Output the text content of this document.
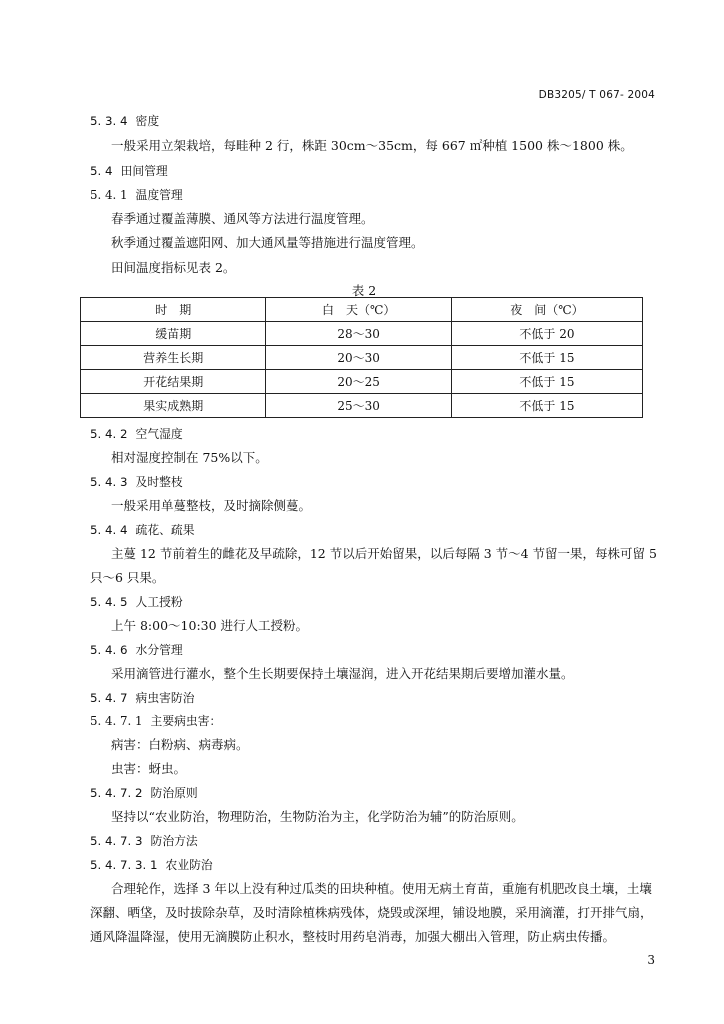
DB3205/ T 067- 2004
5. 3. 4 密度
一般采用立架栽培，每畦种 2 行，株距 30cm～35cm，每 667 ㎡种植 1500 株～1800 株。
5. 4 田间管理
5. 4. 1 温度管理
春季通过覆盖薄膜、通风等方法进行温度管理。
秋季通过覆盖遮阳网、加大通风量等措施进行温度管理。
田间温度指标见表 2。
表 2
时　期	白　天（℃）	夜　间（℃）
缓苗期	28～30	不低于 20
营养生长期	20～30	不低于 15
开花结果期	20～25	不低于 15
果实成熟期	25～30	不低于 15
5. 4. 2 空气湿度
相对湿度控制在 75%以下。
5. 4. 3 及时整枝
一般采用单蔓整枝，及时摘除侧蔓。
5. 4. 4 疏花、疏果
主蔓 12 节前着生的雌花及早疏除，12 节以后开始留果，以后每隔 3 节～4 节留一果，每株可留 5
只～6 只果。
5. 4. 5 人工授粉
上午 8:00～10:30 进行人工授粉。
5. 4. 6 水分管理
采用滴管进行灌水，整个生长期要保持土壤湿润，进入开花结果期后要增加灌水量。
5. 4. 7 病虫害防治
5. 4. 7. 1 主要病虫害：
病害：白粉病、病毒病。
虫害：蚜虫。
5. 4. 7. 2 防治原则
坚持以“农业防治，物理防治，生物防治为主，化学防治为辅”的防治原则。
5. 4. 7. 3 防治方法
5. 4. 7. 3. 1 农业防治
合理轮作，选择 3 年以上没有种过瓜类的田块种植。使用无病土育苗，重施有机肥改良土壤，土壤
深翻、晒垡，及时拔除杂草，及时清除植株病残体，烧毁或深埋，铺设地膜，采用滴灌，打开排气扇，
通风降温降湿，使用无滴膜防止积水，整枝时用药皂消毒，加强大棚出入管理，防止病虫传播。
3
